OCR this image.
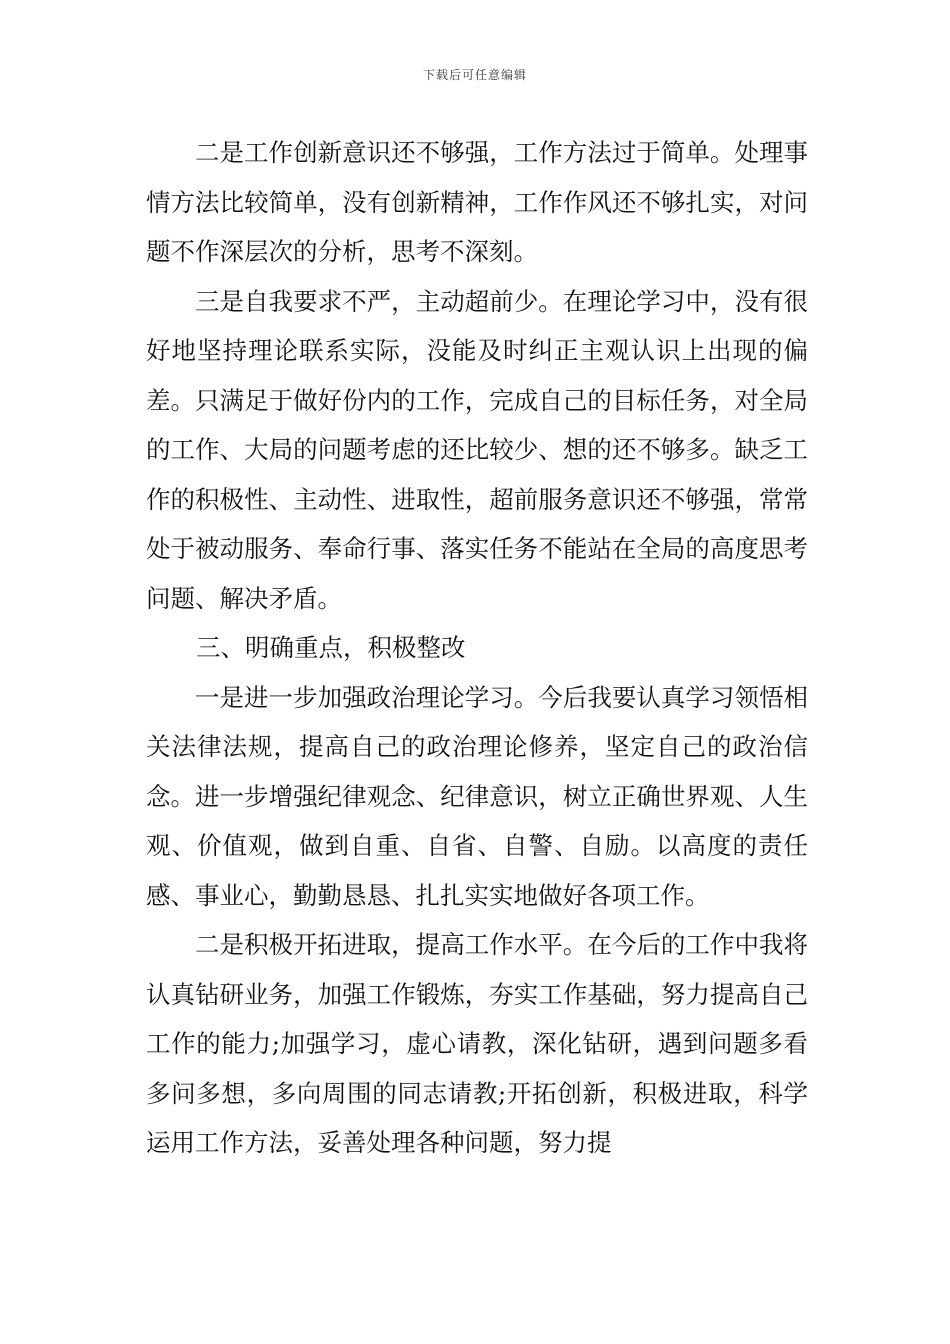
下载后可任意编辑

二是工作创新意识还不够强，工作方法过于简单。处理事情方法比较简单，没有创新精神，工作作风还不够扎实，对问题不作深层次的分析，思考不深刻。

三是自我要求不严，主动超前少。在理论学习中，没有很好地坚持理论联系实际，没能及时纠正主观认识上出现的偏差。只满足于做好份内的工作，完成自己的目标任务，对全局的工作、大局的问题考虑的还比较少、想的还不够多。缺乏工作的积极性、主动性、进取性，超前服务意识还不够强，常常处于被动服务、奉命行事、落实任务不能站在全局的高度思考问题、解决矛盾。

三、明确重点，积极整改

一是进一步加强政治理论学习。今后我要认真学习领悟相关法律法规，提高自己的政治理论修养，坚定自己的政治信念。进一步增强纪律观念、纪律意识，树立正确世界观、人生观、价值观，做到自重、自省、自警、自励。以高度的责任感、事业心，勤勤恳恳、扎扎实实地做好各项工作。

二是积极开拓进取，提高工作水平。在今后的工作中我将认真钻研业务，加强工作锻炼，夯实工作基础，努力提高自己工作的能力;加强学习，虚心请教，深化钻研，遇到问题多看多问多想，多向周围的同志请教;开拓创新，积极进取，科学 运用工作方法，妥善处理各种问题，努力提
